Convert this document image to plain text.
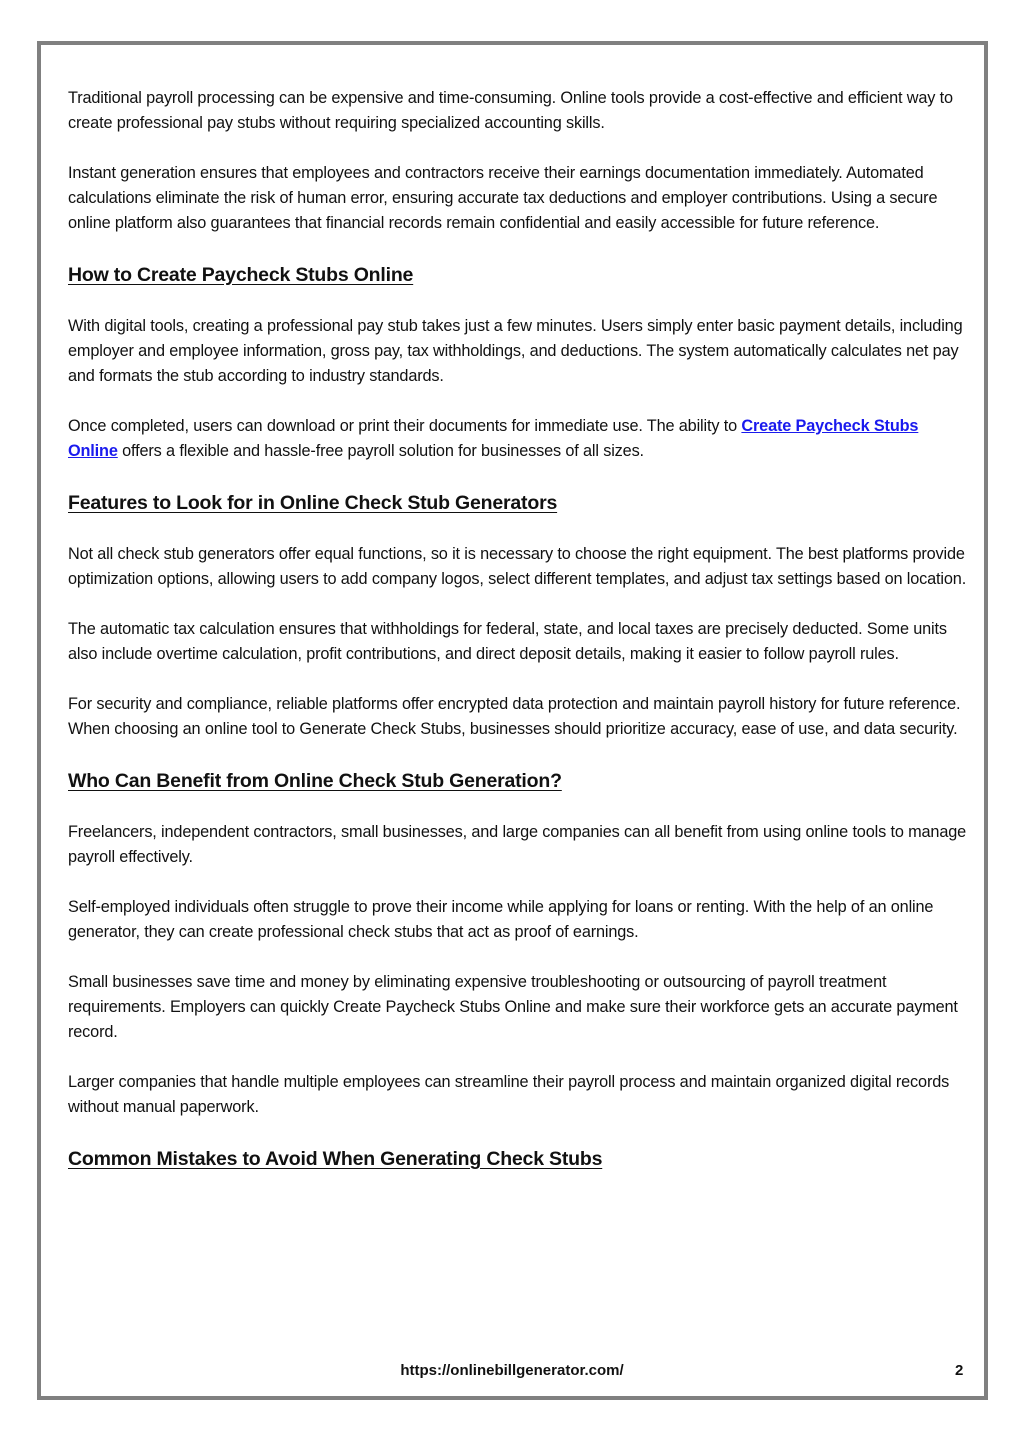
Traditional payroll processing can be expensive and time-consuming. Online tools provide a cost-effective and efficient way to create professional pay stubs without requiring specialized accounting skills.

Instant generation ensures that employees and contractors receive their earnings documentation immediately. Automated calculations eliminate the risk of human error, ensuring accurate tax deductions and employer contributions. Using a secure online platform also guarantees that financial records remain confidential and easily accessible for future reference.

How to Create Paycheck Stubs Online

With digital tools, creating a professional pay stub takes just a few minutes. Users simply enter basic payment details, including employer and employee information, gross pay, tax withholdings, and deductions. The system automatically calculates net pay and formats the stub according to industry standards.

Once completed, users can download or print their documents for immediate use. The ability to Create Paycheck Stubs Online offers a flexible and hassle-free payroll solution for businesses of all sizes.

Features to Look for in Online Check Stub Generators

Not all check stub generators offer equal functions, so it is necessary to choose the right equipment. The best platforms provide optimization options, allowing users to add company logos, select different templates, and adjust tax settings based on location.

The automatic tax calculation ensures that withholdings for federal, state, and local taxes are precisely deducted. Some units also include overtime calculation, profit contributions, and direct deposit details, making it easier to follow payroll rules.

For security and compliance, reliable platforms offer encrypted data protection and maintain payroll history for future reference. When choosing an online tool to Generate Check Stubs, businesses should prioritize accuracy, ease of use, and data security.

Who Can Benefit from Online Check Stub Generation?

Freelancers, independent contractors, small businesses, and large companies can all benefit from using online tools to manage payroll effectively.

Self-employed individuals often struggle to prove their income while applying for loans or renting. With the help of an online generator, they can create professional check stubs that act as proof of earnings.

Small businesses save time and money by eliminating expensive troubleshooting or outsourcing of payroll treatment requirements. Employers can quickly Create Paycheck Stubs Online and make sure their workforce gets an accurate payment record.

Larger companies that handle multiple employees can streamline their payroll process and maintain organized digital records without manual paperwork.

Common Mistakes to Avoid When Generating Check Stubs
https://onlinebillgenerator.com/	2
